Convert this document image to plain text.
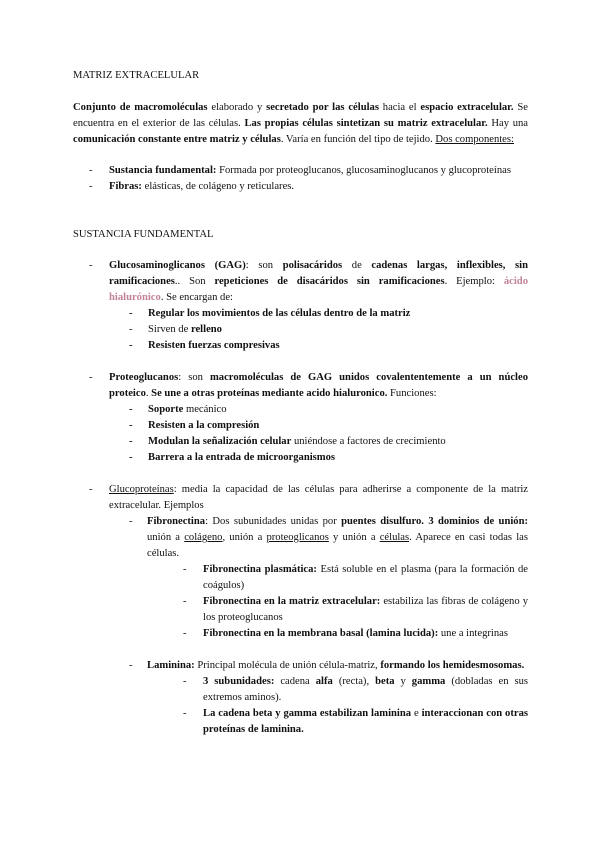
MATRIZ EXTRACELULAR

Conjunto de macromoléculas elaborado y secretado por las células hacia el espacio extracelular. Se encuentra en el exterior de las células. Las propias células sintetizan su matriz extracelular. Hay una comunicación constante entre matriz y células. Varía en función del tipo de tejido. Dos componentes:

- Sustancia fundamental: Formada por proteoglucanos, glucosaminoglucanos y glucoproteínas
- Fibras: elásticas, de colágeno y reticulares.

SUSTANCIA FUNDAMENTAL

- Glucosaminoglicanos (GAG): son polisacáridos de cadenas largas, inflexibles, sin ramificaciones.. Son repeticiones de disacáridos sin ramificaciones. Ejemplo: ácido hialurónico. Se encargan de:
- Regular los movimientos de las células dentro de la matriz
- Sirven de relleno
- Resisten fuerzas compresivas
- Proteoglucanos: son macromoléculas de GAG unidos covalententemente a un núcleo proteico. Se une a otras proteínas mediante acido hialuronico. Funciones:
- Soporte mecánico
- Resisten a la compresión
- Modulan la señalización celular uniéndose a factores de crecimiento
- Barrera a la entrada de microorganismos
- Glucoproteínas: media la capacidad de las células para adherirse a componente de la matriz extracelular. Ejemplos
- Fibronectina: Dos subunidades unidas por puentes disulfuro. 3 dominios de unión: unión a colágeno, unión a proteoglicanos y unión a células. Aparece en casi todas las células.
- Fibronectina plasmática: Está soluble en el plasma (para la formación de coágulos)
- Fibronectina en la matriz extracelular: estabiliza las fibras de colágeno y los proteoglucanos
- Fibronectina en la membrana basal (lamina lucida): une a integrinas
- Laminina: Principal molécula de unión célula-matriz, formando los hemidesmosomas.
- 3 subunidades: cadena alfa (recta), beta y gamma (dobladas en sus extremos aminos).
- La cadena beta y gamma estabilizan laminina e interaccionan con otras proteínas de laminina.
